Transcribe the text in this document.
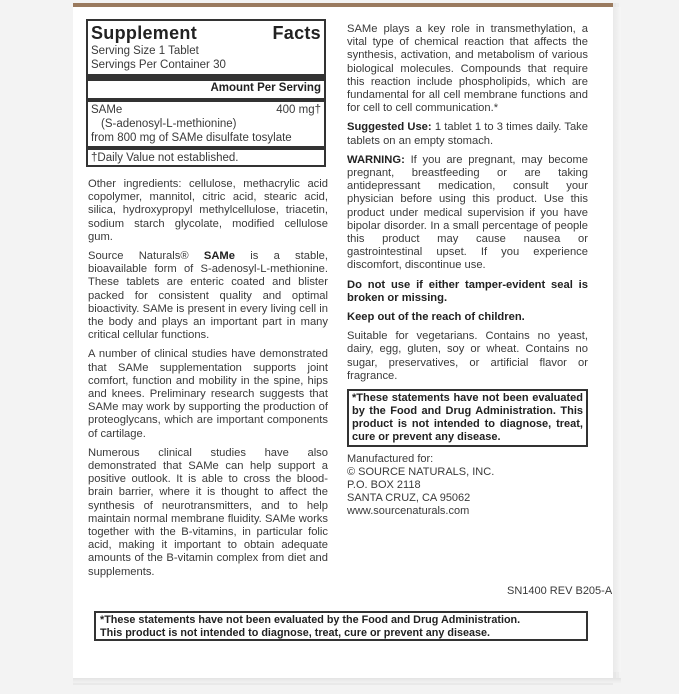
Supplement	Facts
Serving Size 1 Tablet
Servings Per Container 30
Amount Per Serving
SAMe	400 mg†
(S-adenosyl-L-methionine)
from 800 mg of SAMe disulfate tosylate
†Daily Value not established.

Other ingredients: cellulose, methacrylic acid copolymer, mannitol, citric acid, stearic acid, silica, hydroxypropyl methylcellulose, triacetin, sodium starch glycolate, modified cellulose gum.

Source Naturals® SAMe is a stable, bioavailable form of S-adenosyl-L-methionine. These tablets are enteric coated and blister packed for consistent quality and optimal bioactivity. SAMe is present in every living cell in the body and plays an important part in many critical cellular functions.

A number of clinical studies have demonstrated that SAMe supplementation supports joint comfort, function and mobility in the spine, hips and knees. Preliminary research suggests that SAMe may work by supporting the production of proteoglycans, which are important components of cartilage.

Numerous clinical studies have also demonstrated that SAMe can help support a positive outlook. It is able to cross the blood-brain barrier, where it is thought to affect the synthesis of neurotransmitters, and to help maintain normal membrane fluidity. SAMe works together with the B-vitamins, in particular folic acid, making it important to obtain adequate amounts of the B-vitamin complex from diet and supplements.

SAMe plays a key role in transmethylation, a vital type of chemical reaction that affects the synthesis, activation, and metabolism of various biological molecules. Compounds that require this reaction include phospholipids, which are fundamental for all cell membrane functions and for cell to cell communication.*

Suggested Use: 1 tablet 1 to 3 times daily. Take tablets on an empty stomach.

WARNING: If you are pregnant, may become pregnant, breastfeeding or are taking antidepressant medication, consult your physician before using this product. Use this product under medical supervision if you have bipolar disorder. In a small percentage of people this product may cause nausea or gastrointestinal upset. If you experience discomfort, discontinue use.

Do not use if either tamper-evident seal is broken or missing.

Keep out of the reach of children.

Suitable for vegetarians. Contains no yeast, dairy, egg, gluten, soy or wheat. Contains no sugar, preservatives, or artificial flavor or fragrance.

*These statements have not been evaluated by the Food and Drug Administration. This product is not intended to diagnose, treat, cure or prevent any disease.
Manufactured for:
© SOURCE NATURALS, INC.
P.O. BOX 2118
SANTA CRUZ, CA 95062
www.sourcenaturals.com
SN1400 REV B205-A
*These statements have not been evaluated by the Food and Drug Administration.
This product is not intended to diagnose, treat, cure or prevent any disease.
